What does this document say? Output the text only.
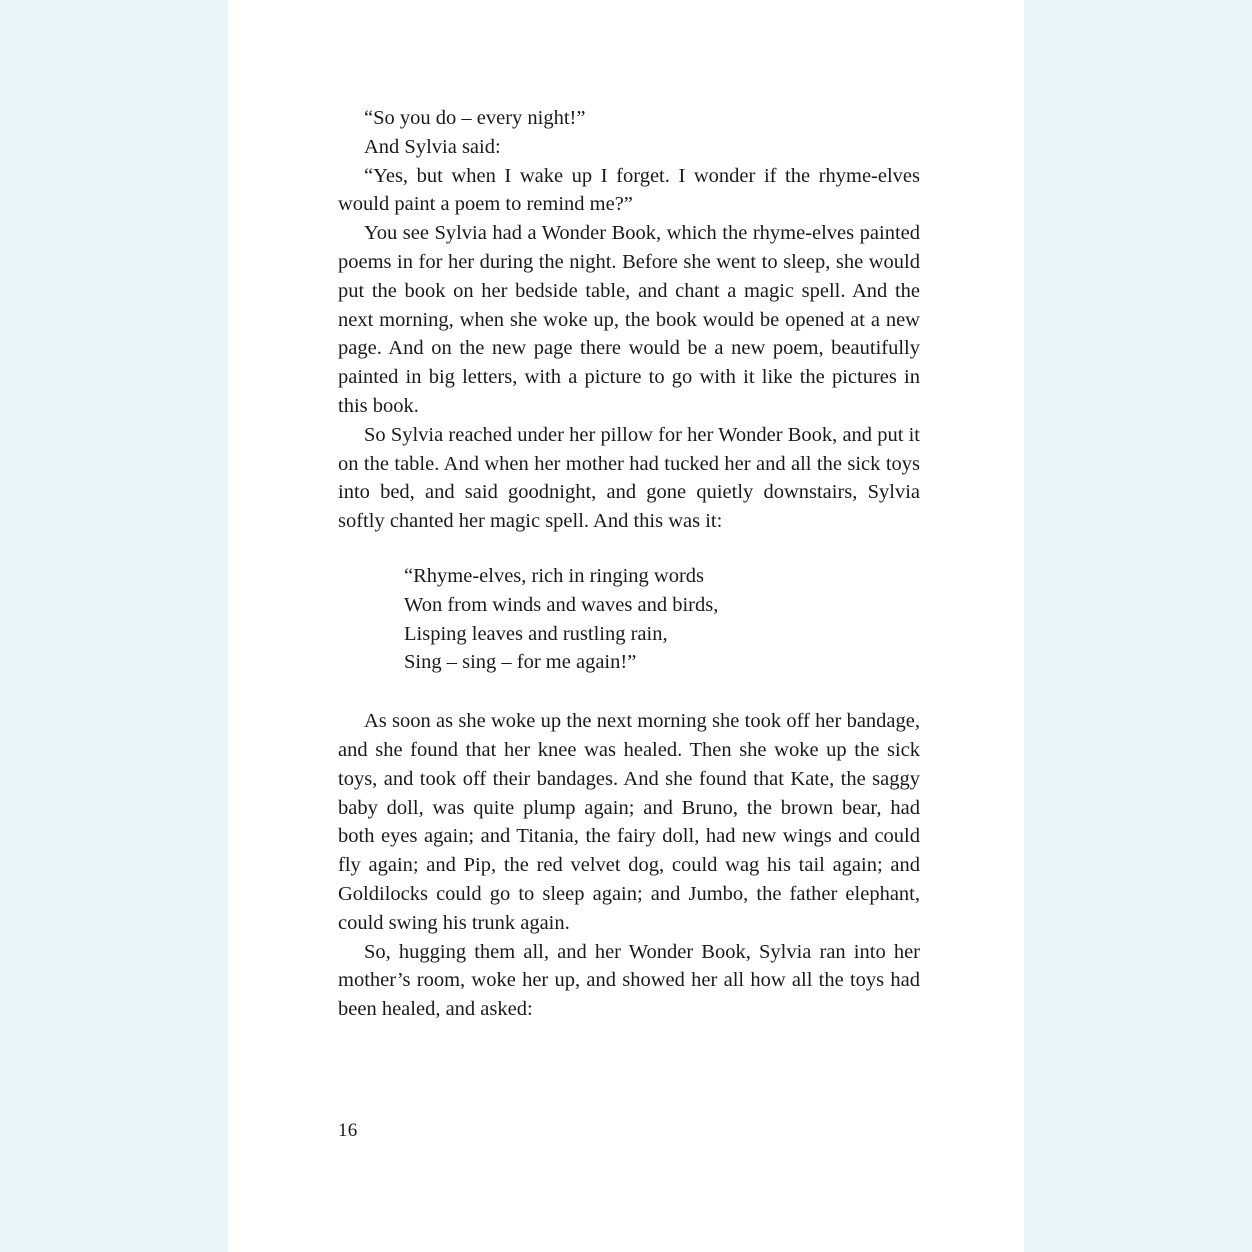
“So you do – every night!”

And Sylvia said:

“Yes, but when I wake up I forget. I wonder if the rhyme-elves would paint a poem to remind me?”

You see Sylvia had a Wonder Book, which the rhyme-elves painted poems in for her during the night. Before she went to sleep, she would put the book on her bedside table, and chant a magic spell. And the next morning, when she woke up, the book would be opened at a new page. And on the new page there would be a new poem, beautifully painted in big letters, with a picture to go with it like the pictures in this book.

So Sylvia reached under her pillow for her Wonder Book, and put it on the table. And when her mother had tucked her and all the sick toys into bed, and said goodnight, and gone quietly downstairs, Sylvia softly chanted her magic spell. And this was it:

“Rhyme-elves, rich in ringing words
Won from winds and waves and birds,
Lisping leaves and rustling rain,
Sing – sing – for me again!”

As soon as she woke up the next morning she took off her bandage, and she found that her knee was healed. Then she woke up the sick toys, and took off their bandages. And she found that Kate, the saggy baby doll, was quite plump again; and Bruno, the brown bear, had both eyes again; and Titania, the fairy doll, had new wings and could fly again; and Pip, the red velvet dog, could wag his tail again; and Goldilocks could go to sleep again; and Jumbo, the father elephant, could swing his trunk again.

So, hugging them all, and her Wonder Book, Sylvia ran into her mother’s room, woke her up, and showed her all how all the toys had been healed, and asked:

16
